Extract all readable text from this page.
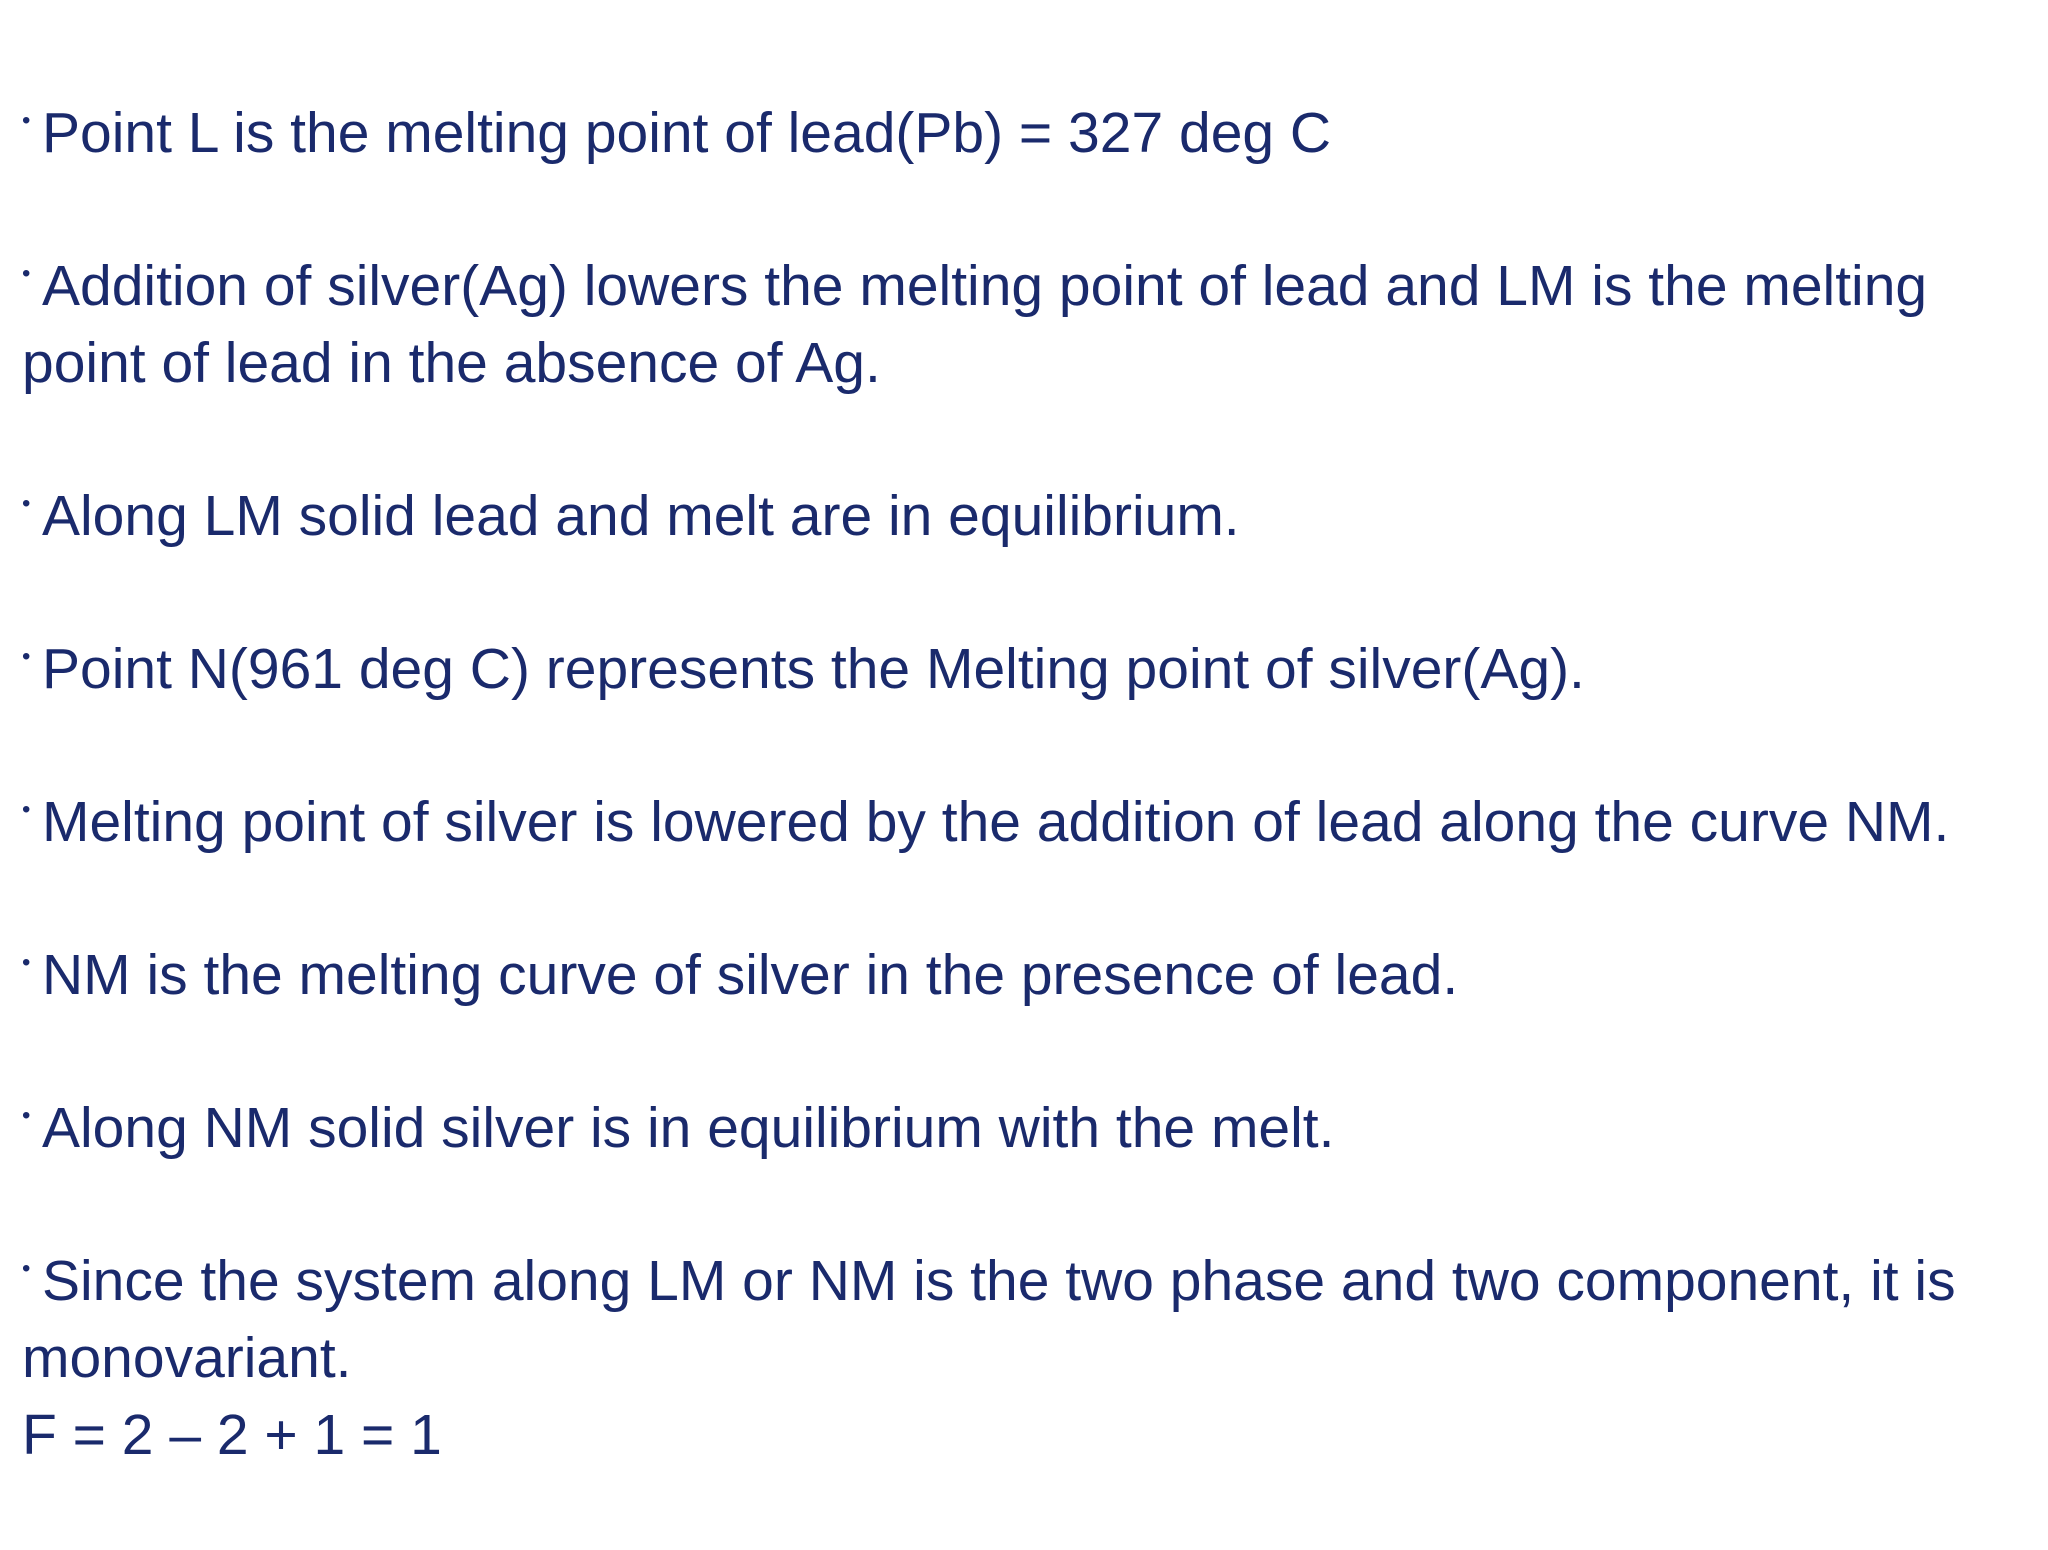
• Point L is the melting point of lead(Pb) = 327 deg C
• Addition of silver(Ag) lowers the melting point of lead and LM is the melting
point of lead in the absence of Ag.
• Along LM solid lead and melt are in equilibrium.
• Point N(961 deg C) represents the Melting point of silver(Ag).
• Melting point of silver is lowered by the addition of lead along the curve NM.
• NM is the melting curve of silver in the presence of lead.
• Along NM solid silver is in equilibrium with the melt.
• Since the system along LM or NM is the two phase and two component, it is
monovariant.
F = 2 – 2 + 1 = 1
